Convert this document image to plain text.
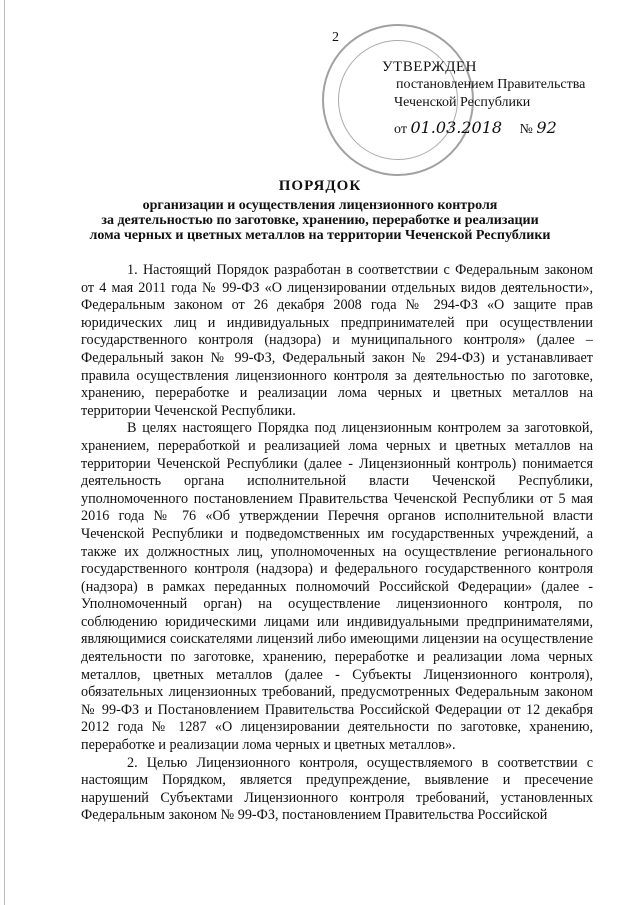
2
УТВЕРЖДЕН
постановлением Правительства
Чеченской Республики
от 01.03.2018 № 92
ПОРЯДОК
организации и осуществления лицензионного контроля
за деятельностью по заготовке, хранению, переработке и реализации
лома черных и цветных металлов на территории Чеченской Республики

1. Настоящий Порядок разработан в соответствии с Федеральным законом от 4 мая 2011 года № 99-ФЗ «О лицензировании отдельных видов деятельности», Федеральным законом от 26 декабря 2008 года № 294-ФЗ «О защите прав юридических лиц и индивидуальных предпринимателей при осуществлении государственного контроля (надзора) и муниципального контроля» (далее – Федеральный закон № 99-ФЗ, Федеральный закон № 294-ФЗ) и устанавливает правила осуществления лицензионного контроля за деятельностью по заготовке, хранению, переработке и реализации лома черных и цветных металлов на территории Чеченской Республики.

В целях настоящего Порядка под лицензионным контролем за заготовкой, хранением, переработкой и реализацией лома черных и цветных металлов на территории Чеченской Республики (далее - Лицензионный контроль) понимается деятельность органа исполнительной власти Чеченской Республики, уполномоченного постановлением Правительства Чеченской Республики от 5 мая 2016 года № 76 «Об утверждении Перечня органов исполнительной власти Чеченской Республики и подведомственных им государственных учреждений, а также их должностных лиц, уполномоченных на осуществление регионального государственного контроля (надзора) и федерального государственного контроля (надзора) в рамках переданных полномочий Российской Федерации» (далее - Уполномоченный орган) на осуществление лицензионного контроля, по соблюдению юридическими лицами или индивидуальными предпринимателями, являющимися соискателями лицензий либо имеющими лицензии на осуществление деятельности по заготовке, хранению, переработке и реализации лома черных металлов, цветных металлов (далее - Субъекты Лицензионного контроля), обязательных лицензионных требований, предусмотренных Федеральным законом № 99-ФЗ и Постановлением Правительства Российской Федерации от 12 декабря 2012 года № 1287 «О лицензировании деятельности по заготовке, хранению, переработке и реализации лома черных и цветных металлов».

2. Целью Лицензионного контроля, осуществляемого в соответствии с настоящим Порядком, является предупреждение, выявление и пресечение нарушений Субъектами Лицензионного контроля требований, установленных Федеральным законом № 99-ФЗ, постановлением Правительства Российской
